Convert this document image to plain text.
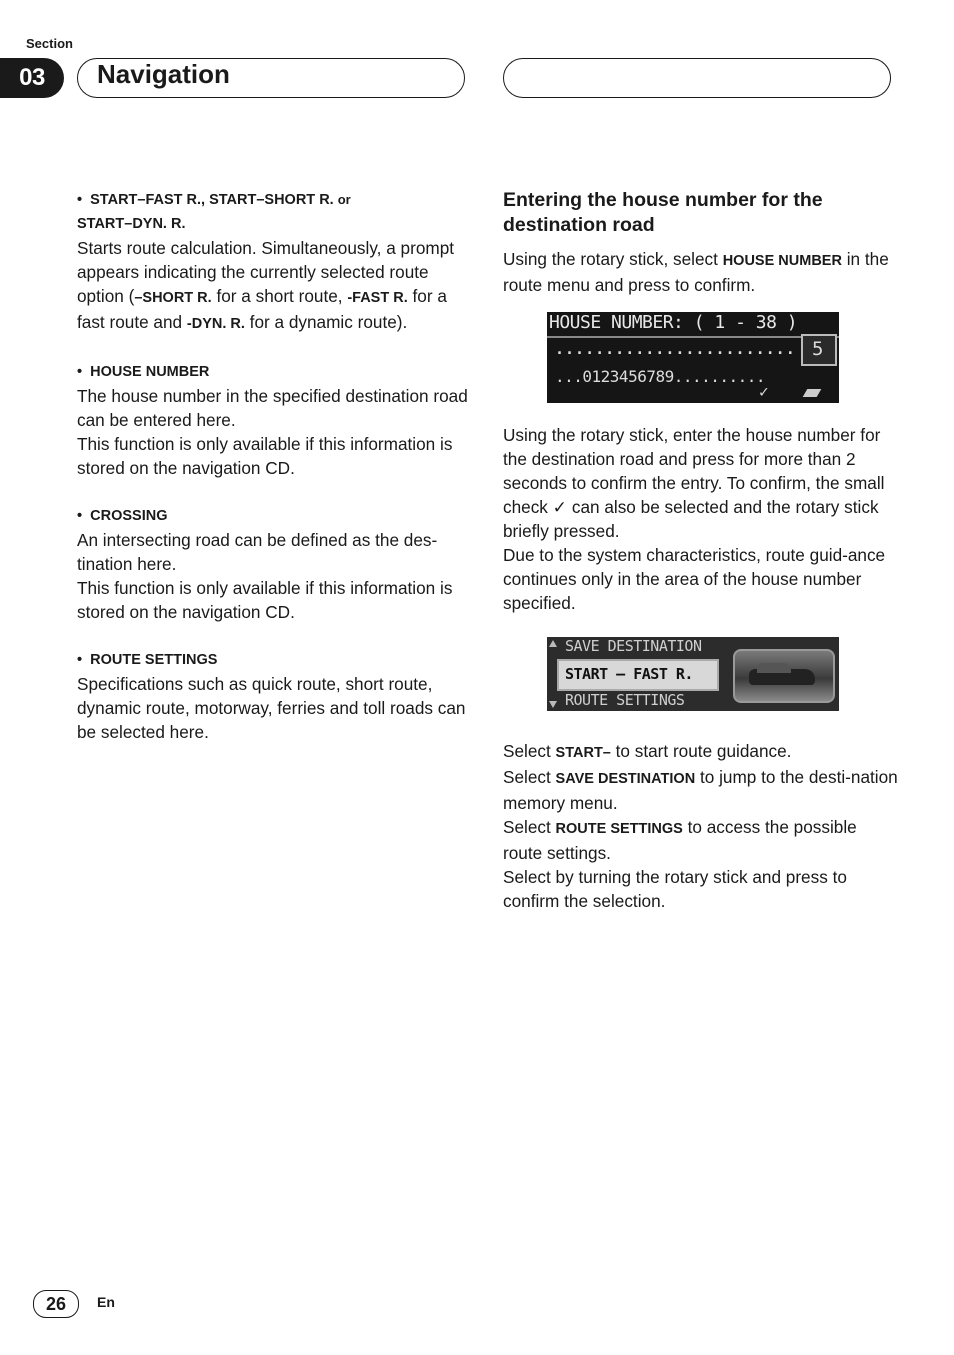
Section
03	Navigation

•  START–FAST R., START–SHORT R. or
START–DYN. R.

Starts route calculation. Simultaneously, a prompt appears indicating the currently selected route option (–SHORT R. for a short route, -FAST R. for a fast route and -DYN. R. for a dynamic route).

•  HOUSE NUMBER

The house number in the specified destination road can be entered here.

This function is only available if this information is stored on the navigation CD.

•  CROSSING

An intersecting road can be defined as the des-tination here.

This function is only available if this information is stored on the navigation CD.

•  ROUTE SETTINGS

Specifications such as quick route, short route, dynamic route, motorway, ferries and toll roads can be selected here.

Entering the house number for the destination road

Using the rotary stick, select HOUSE NUMBER in the route menu and press to confirm.

HOUSE NUMBER: ( 1 - 38 )
........................
...0123456789..........
5
✓

Using the rotary stick, enter the house number for the destination road and press for more than 2 seconds to confirm the entry. To confirm, the small check ✓ can also be selected and the rotary stick briefly pressed.

Due to the system characteristics, route guid-ance continues only in the area of the house number specified.

SAVE DESTINATION
START — FAST R.
ROUTE SETTINGS

Select START– to start route guidance.

Select SAVE DESTINATION to jump to the desti-nation memory menu.

Select ROUTE SETTINGS to access the possible route settings.

Select by turning the rotary stick and press to confirm the selection.

26	En
